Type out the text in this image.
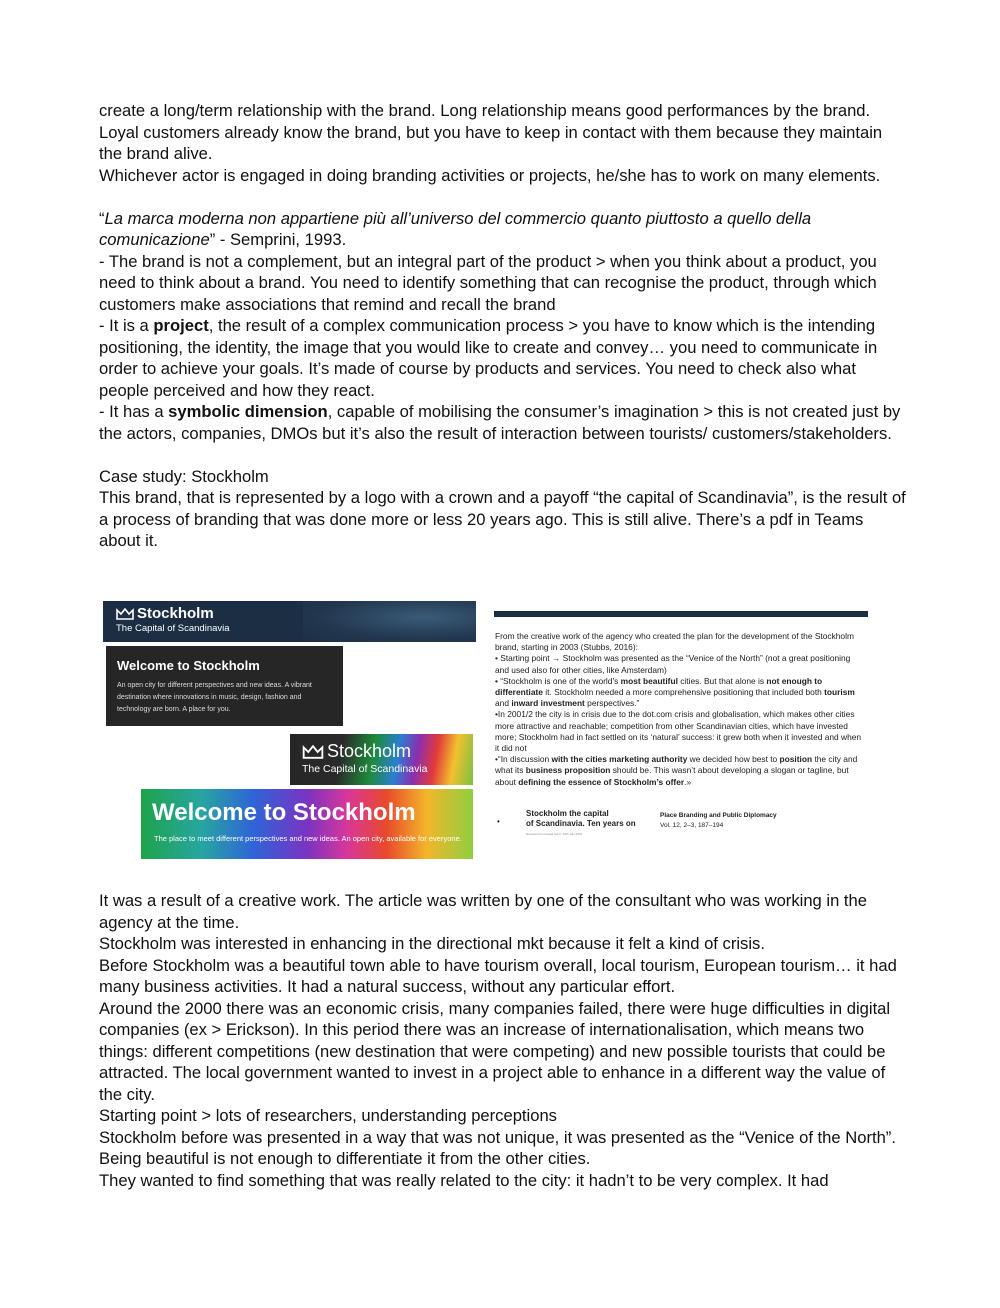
create a long/term relationship with the brand. Long relationship means good performances by the brand. Loyal customers already know the brand, but you have to keep in contact with them because they maintain the brand alive.

Whichever actor is engaged in doing branding activities or projects, he/she has to work on many elements.

“La marca moderna non appartiene più all’universo del commercio quanto piuttosto a quello della comunicazione” - Semprini, 1993.

- The brand is not a complement, but an integral part of the product > when you think about a product, you need to think about a brand. You need to identify something that can recognise the product, through which customers make associations that remind and recall the brand

- It is a project, the result of a complex communication process > you have to know which is the intending positioning, the identity, the image that you would like to create and convey… you need to communicate in order to achieve your goals. It’s made of course by products and services. You need to check also what people perceived and how they react.

- It has a symbolic dimension, capable of mobilising the consumer’s imagination > this is not created just by the actors, companies, DMOs but it’s also the result of interaction between tourists/ customers/stakeholders.

Case study: Stockholm

This brand, that is represented by a logo with a crown and a payoff “the capital of Scandinavia”, is the result of a process of branding that was done more or less 20 years ago. This is still alive. There’s a pdf in Teams about it.

Stockholm
The Capital of Scandinavia
Welcome to Stockholm
An open city for different perspectives and new ideas. A vibrant destination where innovations in music, design, fashion and technology are born. A place for you.
Stockholm
The Capital of Scandinavia
Welcome to Stockholm
The place to meet different perspectives and new ideas. An open city, available for everyone.

From the creative work of the agency who created the plan for the development of the Stockholm brand, starting in 2003 (Stubbs, 2016):

• Starting point → Stockholm was presented as the “Venice of the North” (not a great positioning and used also for other cities, like Amsterdam)

• “Stockholm is one of the world’s most beautiful cities. But that alone is not enough to differentiate it. Stockholm needed a more comprehensive positioning that included both tourism and inward investment perspectives.”

•In 2001/2 the city is in crisis due to the dot.com crisis and globalisation, which makes other cities more attractive and reachable; competition from other Scandinavian cities, which have invested more; Stockholm had in fact settled on its ‘natural’ success: it grew both when it invested and when it did not

•“In discussion with the cities marketing authority we decided how best to position the city and what its business proposition should be. This wasn’t about developing a slogan or tagline, but about defining the essence of Stockholm’s offer.»

•
Stockholm the capital
of Scandinavia. Ten years on
Received (in revised form): 16th July 2016
Place Branding and Public Diplomacy
Vol. 12, 2–3, 187–194

It was a result of a creative work. The article was written by one of the consultant who was working in the agency at the time.

Stockholm was interested in enhancing in the directional mkt because it felt a kind of crisis.

Before Stockholm was a beautiful town able to have tourism overall, local tourism, European tourism… it had many business activities. It had a natural success, without any particular effort.

Around the 2000 there was an economic crisis, many companies failed, there were huge difficulties in digital companies (ex > Erickson). In this period there was an increase of internationalisation, which means two things: different competitions (new destination that were competing) and new possible tourists that could be attracted. The local government wanted to invest in a project able to enhance in a different way the value of the city.

Starting point > lots of researchers, understanding perceptions

Stockholm before was presented in a way that was not unique, it was presented as the “Venice of the North”. Being beautiful is not enough to differentiate it from the other cities.

They wanted to find something that was really related to the city: it hadn’t to be very complex. It had
